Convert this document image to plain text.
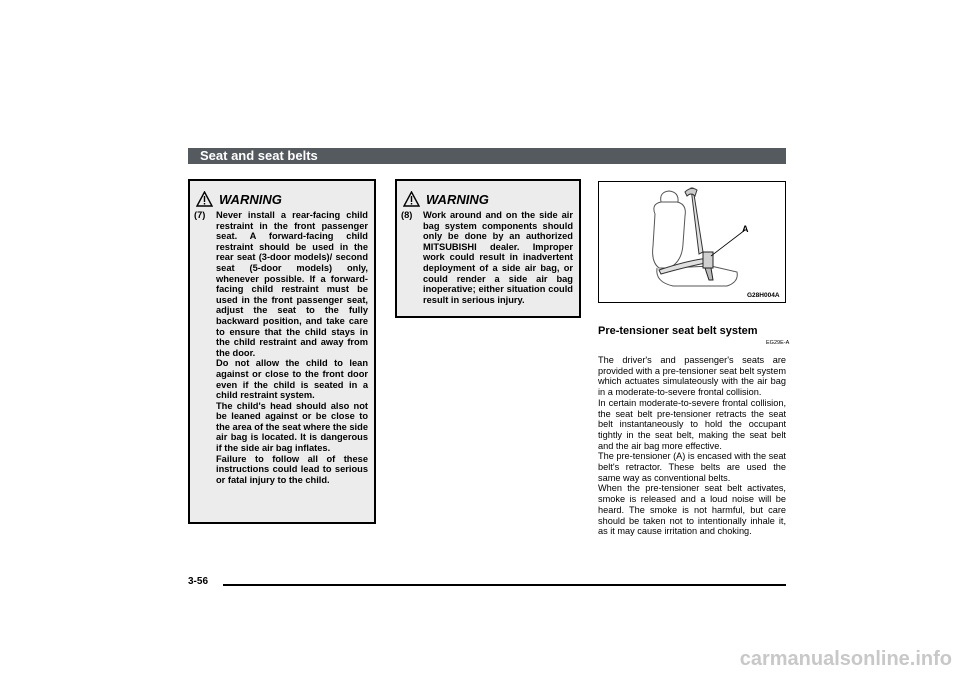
Seat and seat belts
WARNING
(7)	Never install a rear-facing child restraint in the front passenger seat. A forward-facing child restraint should be used in the rear seat (3-door models)/ second seat (5-door models) only, whenever possible. If a forward-facing child restraint must be used in the front passenger seat, adjust the seat to the fully backward position, and take care to ensure that the child stays in the child restraint and away from the door.

Do not allow the child to lean against or close to the front door even if the child is seated in a child restraint system.

The child's head should also not be leaned against or be close to the area of the seat where the side air bag is located. It is dangerous if the side air bag inflates.

Failure to follow all of these instructions could lead to serious or fatal injury to the child.

WARNING
(8)	Work around and on the side air bag system components should only be done by an authorized MITSUBISHI dealer. Improper work could result in inadvertent deployment of a side air bag, or could render a side air bag inoperative; either situation could result in serious injury.

A
G28H004A
Pre-tensioner seat belt system
EG29E-A

The driver's and passenger's seats are provided with a pre-tensioner seat belt system which actuates simulateously with the air bag in a moderate-to-severe frontal collision.

In certain moderate-to-severe frontal collision, the seat belt pre-tensioner retracts the seat belt instantaneously to hold the occupant tightly in the seat belt, making the seat belt and the air bag more effective.

The pre-tensioner (A) is encased with the seat belt's retractor. These belts are used the same way as conventional belts.

When the pre-tensioner seat belt activates, smoke is released and a loud noise will be heard. The smoke is not harmful, but care should be taken not to intentionally inhale it, as it may cause irritation and choking.

3-56
carmanualsonline.info
